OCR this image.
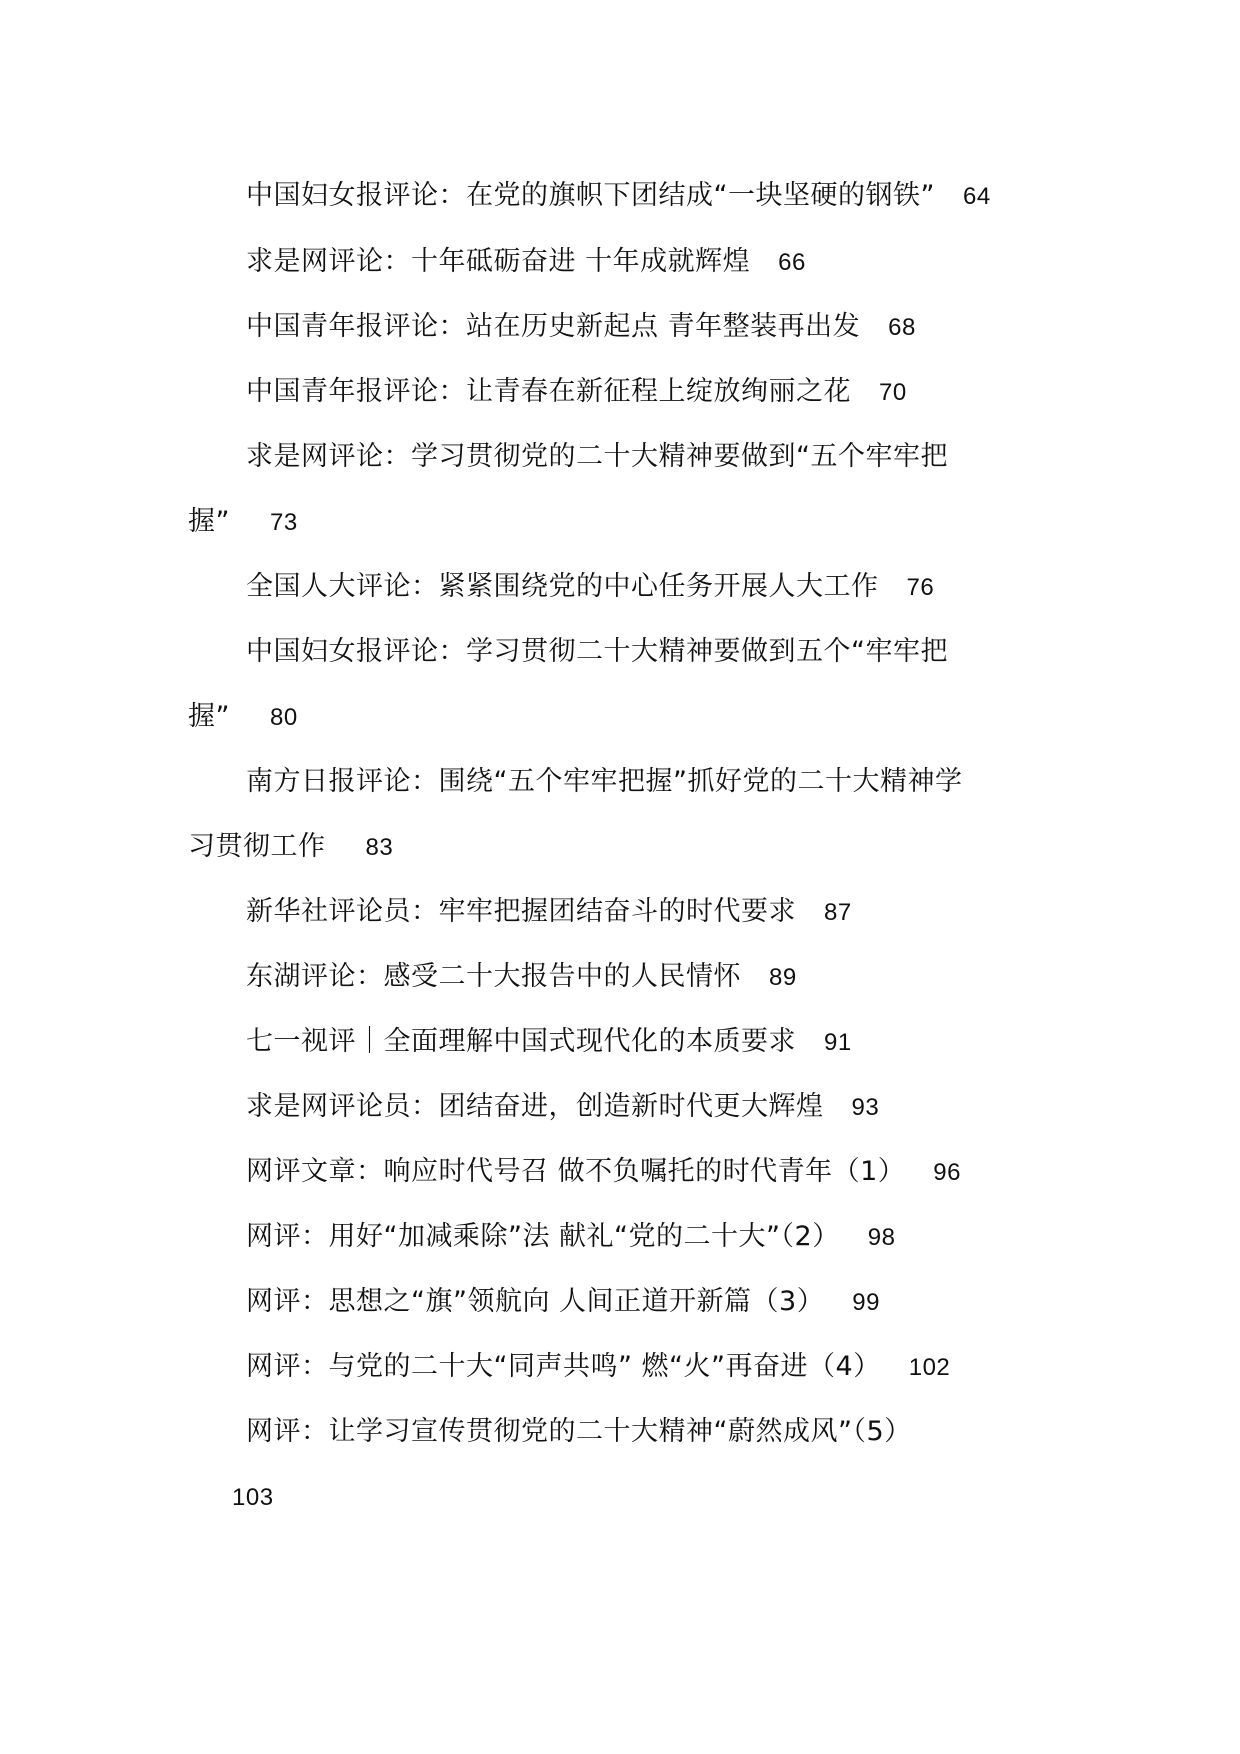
中国妇女报评论：在党的旗帜下团结成“一块坚硬的钢铁” 64
求是网评论：十年砥砺奋进 十年成就辉煌 66
中国青年报评论：站在历史新起点 青年整装再出发 68
中国青年报评论：让青春在新征程上绽放绚丽之花 70
求是网评论：学习贯彻党的二十大精神要做到“五个牢牢把
握” 73
全国人大评论：紧紧围绕党的中心任务开展人大工作 76
中国妇女报评论：学习贯彻二十大精神要做到五个“牢牢把
握” 80
南方日报评论：围绕“五个牢牢把握”抓好党的二十大精神学
习贯彻工作 83
新华社评论员：牢牢把握团结奋斗的时代要求 87
东湖评论：感受二十大报告中的人民情怀 89
七一视评｜全面理解中国式现代化的本质要求 91
求是网评论员：团结奋进，创造新时代更大辉煌 93
网评文章：响应时代号召 做不负嘱托的时代青年（1） 96
网评：用好“加减乘除”法 献礼“党的二十大”（2） 98
网评：思想之“旗”领航向 人间正道开新篇（3） 99
网评：与党的二十大“同声共鸣” 燃“火”再奋进（4） 102
网评：让学习宣传贯彻党的二十大精神“蔚然成风”（5）
103
